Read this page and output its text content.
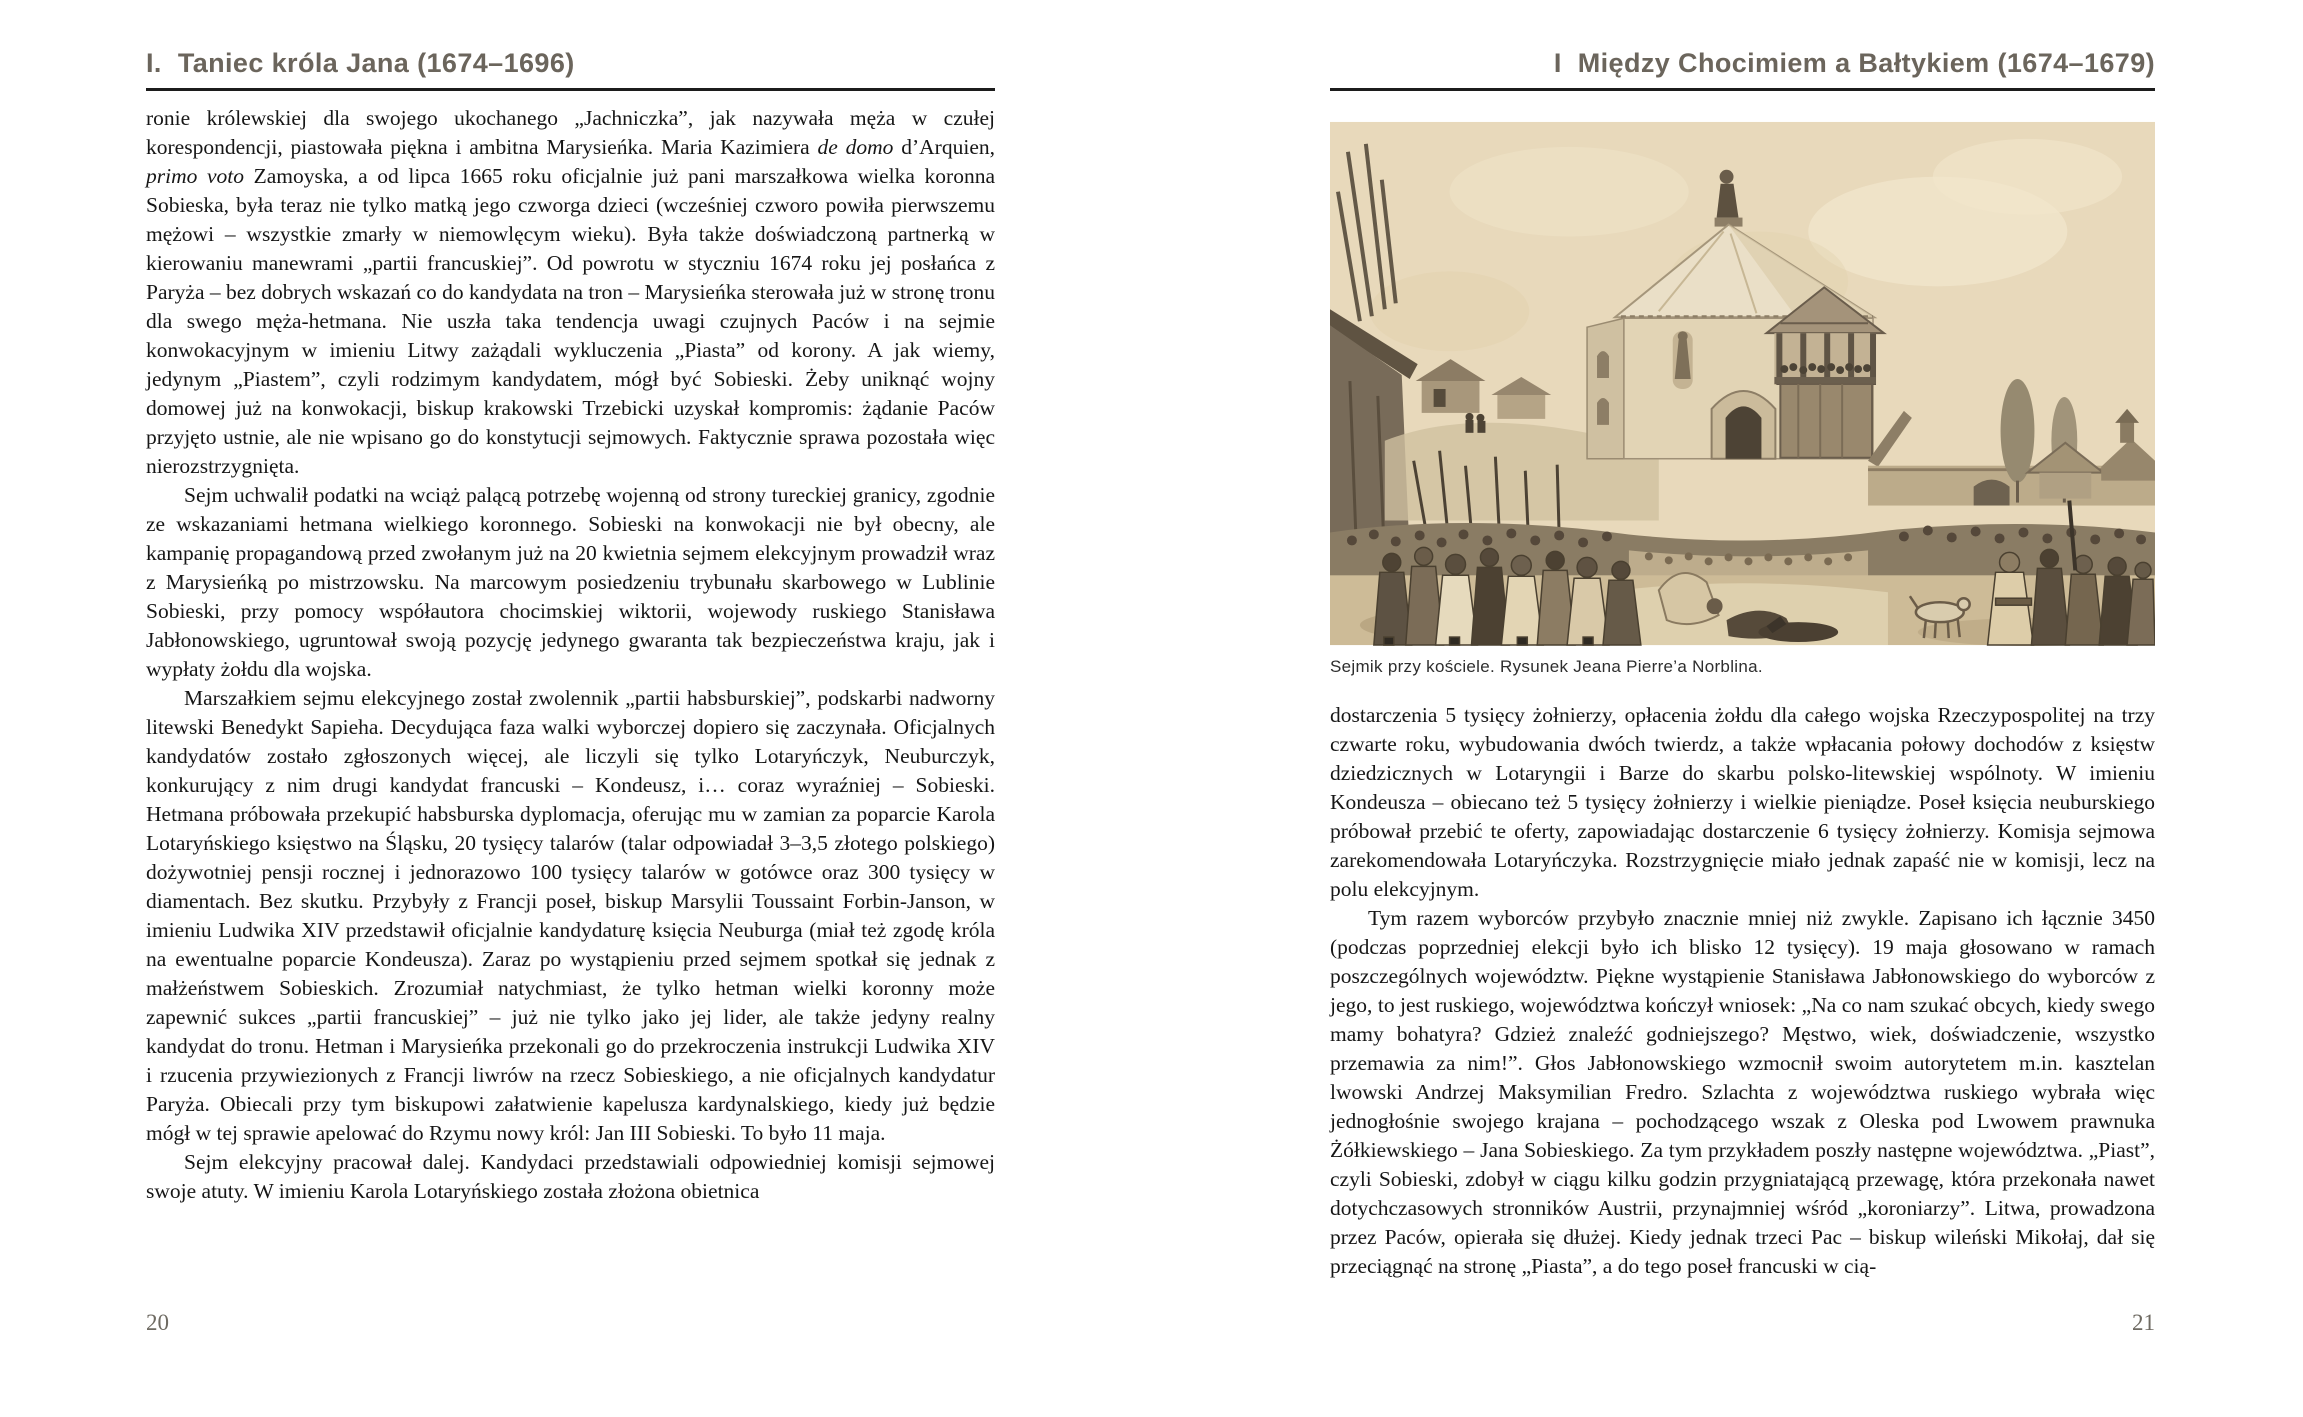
I. Taniec króla Jana (1674–1696)

ronie królewskiej dla swojego ukochanego „Jachniczka”, jak nazywała męża w czułej korespondencji, piastowała piękna i ambitna Marysieńka. Maria Kazimiera de domo d’Arquien, primo voto Zamoyska, a od lipca 1665 roku oficjalnie już pani marszałkowa wielka koronna Sobieska, była teraz nie tylko matką jego czworga dzieci (wcześniej czworo powiła pierwszemu mężowi – wszystkie zmarły w niemowlęcym wieku). Była także doświadczoną partnerką w kierowaniu manewrami „partii francuskiej”. Od powrotu w styczniu 1674 roku jej posłańca z Paryża – bez dobrych wskazań co do kandydata na tron – Marysieńka sterowała już w stronę tronu dla swego męża-hetmana. Nie uszła taka tendencja uwagi czujnych Paców i na sejmie konwokacyjnym w imieniu Litwy zażądali wykluczenia „Piasta” od korony. A jak wiemy, jedynym „Piastem”, czyli rodzimym kandydatem, mógł być Sobieski. Żeby uniknąć wojny domowej już na konwokacji, biskup krakowski Trzebicki uzyskał kompromis: żądanie Paców przyjęto ustnie, ale nie wpisano go do konstytucji sejmowych. Faktycznie sprawa pozostała więc nierozstrzygnięta.

Sejm uchwalił podatki na wciąż palącą potrzebę wojenną od strony tureckiej granicy, zgodnie ze wskazaniami hetmana wielkiego koronnego. Sobieski na konwokacji nie był obecny, ale kampanię propagandową przed zwołanym już na 20 kwietnia sejmem elekcyjnym prowadził wraz z Marysieńką po mistrzowsku. Na marcowym posiedzeniu trybunału skarbowego w Lublinie Sobieski, przy pomocy współautora chocimskiej wiktorii, wojewody ruskiego Stanisława Jabłonowskiego, ugruntował swoją pozycję jedynego gwaranta tak bezpieczeństwa kraju, jak i wypłaty żołdu dla wojska.

Marszałkiem sejmu elekcyjnego został zwolennik „partii habsburskiej”, podskarbi nadworny litewski Benedykt Sapieha. Decydująca faza walki wyborczej dopiero się zaczynała. Oficjalnych kandydatów zostało zgłoszonych więcej, ale liczyli się tylko Lotaryńczyk, Neuburczyk, konkurujący z nim drugi kandydat francuski – Kondeusz, i… coraz wyraźniej – Sobieski. Hetmana próbowała przekupić habsburska dyplomacja, oferując mu w zamian za poparcie Karola Lotaryńskiego księstwo na Śląsku, 20 tysięcy talarów (talar odpowiadał 3–3,5 złotego polskiego) dożywotniej pensji rocznej i jednorazowo 100 tysięcy talarów w gotówce oraz 300 tysięcy w diamentach. Bez skutku. Przybyły z Francji poseł, biskup Marsylii Toussaint Forbin-Janson, w imieniu Ludwika XIV przedstawił oficjalnie kandydaturę księcia Neuburga (miał też zgodę króla na ewentualne poparcie Kondeusza). Zaraz po wystąpieniu przed sejmem spotkał się jednak z małżeństwem Sobieskich. Zrozumiał natychmiast, że tylko hetman wielki koronny może zapewnić sukces „partii francuskiej” – już nie tylko jako jej lider, ale także jedyny realny kandydat do tronu. Hetman i Marysieńka przekonali go do przekroczenia instrukcji Ludwika XIV i rzucenia przywiezionych z Francji liwrów na rzecz Sobieskiego, a nie oficjalnych kandydatur Paryża. Obiecali przy tym biskupowi załatwienie kapelusza kardynalskiego, kiedy już będzie mógł w tej sprawie apelować do Rzymu nowy król: Jan III Sobieski. To było 11 maja.

Sejm elekcyjny pracował dalej. Kandydaci przedstawiali odpowiedniej komisji sejmowej swoje atuty. W imieniu Karola Lotaryńskiego została złożona obietnica

I Między Chocimiem a Bałtykiem (1674–1679)
Sejmik przy kościele. Rysunek Jeana Pierre’a Norblina.

dostarczenia 5 tysięcy żołnierzy, opłacenia żołdu dla całego wojska Rzeczypospolitej na trzy czwarte roku, wybudowania dwóch twierdz, a także wpłacania połowy dochodów z księstw dziedzicznych w Lotaryngii i Barze do skarbu polsko-litewskiej wspólnoty. W imieniu Kondeusza – obiecano też 5 tysięcy żołnierzy i wielkie pieniądze. Poseł księcia neuburskiego próbował przebić te oferty, zapowiadając dostarczenie 6 tysięcy żołnierzy. Komisja sejmowa zarekomendowała Lotaryńczyka. Rozstrzygnięcie miało jednak zapaść nie w komisji, lecz na polu elekcyjnym.

Tym razem wyborców przybyło znacznie mniej niż zwykle. Zapisano ich łącznie 3450 (podczas poprzedniej elekcji było ich blisko 12 tysięcy). 19 maja głosowano w ramach poszczególnych województw. Piękne wystąpienie Stanisława Jabłonowskiego do wyborców z jego, to jest ruskiego, województwa kończył wniosek: „Na co nam szukać obcych, kiedy swego mamy bohatyra? Gdzież znaleźć godniejszego? Męstwo, wiek, doświadczenie, wszystko przemawia za nim!”. Głos Jabłonowskiego wzmocnił swoim autorytetem m.in. kasztelan lwowski Andrzej Maksymilian Fredro. Szlachta z województwa ruskiego wybrała więc jednogłośnie swojego krajana – pochodzącego wszak z Oleska pod Lwowem prawnuka Żółkiewskiego – Jana Sobieskiego. Za tym przykładem poszły następne województwa. „Piast”, czyli Sobieski, zdobył w ciągu kilku godzin przygniatającą przewagę, która przekonała nawet dotychczasowych stronników Austrii, przynajmniej wśród „koroniarzy”. Litwa, prowadzona przez Paców, opierała się dłużej. Kiedy jednak trzeci Pac – biskup wileński Mikołaj, dał się przeciągnąć na stronę „Piasta”, a do tego poseł francuski w cią-

20	21
